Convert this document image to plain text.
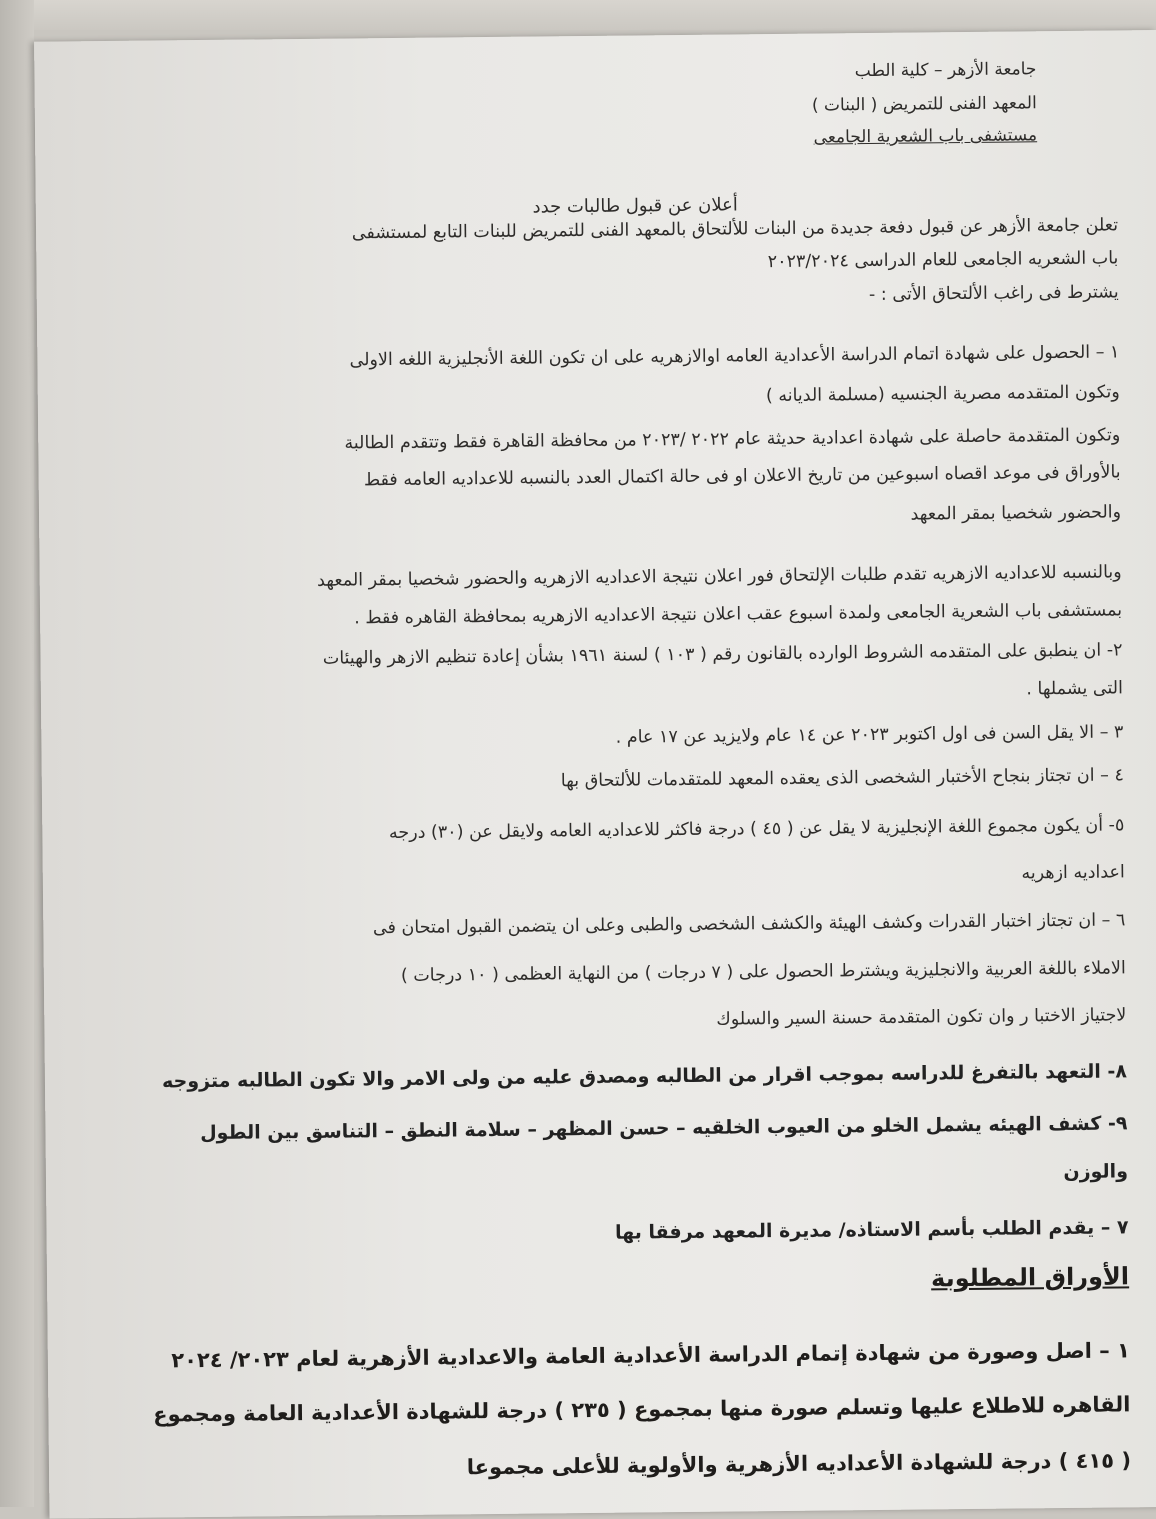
جامعة الأزهر – كلية الطب
المعهد الفنى للتمريض ( البنات )
مستشفى باب الشعرية الجامعى
أعلان عن قبول طالبات جدد
تعلن جامعة الأزهر عن قبول دفعة جديدة من البنات للألتحاق بالمعهد الفنى للتمريض للبنات التابع لمستشفى
باب الشعريه الجامعى للعام الدراسى ٢٠٢٣/٢٠٢٤
يشترط فى راغب الألتحاق الأتى : -
١ – الحصول على شهادة اتمام الدراسة الأعدادية العامه اوالازهريه على ان تكون اللغة الأنجليزية اللغه الاولى
وتكون المتقدمه مصرية الجنسيه (مسلمة الديانه )
وتكون المتقدمة حاصلة على شهادة اعدادية حديثة عام ٢٠٢٢ /٢٠٢٣ من محافظة القاهرة فقط وتتقدم الطالبة
بالأوراق فى موعد اقصاه اسبوعين من تاريخ الاعلان او فى حالة اكتمال العدد بالنسبه للاعداديه العامه فقط
والحضور شخصيا بمقر المعهد
وبالنسبه للاعداديه الازهريه تقدم طلبات الإلتحاق فور اعلان نتيجة الاعداديه الازهريه والحضور شخصيا بمقر المعهد
بمستشفى باب الشعرية الجامعى ولمدة اسبوع عقب اعلان نتيجة الاعداديه الازهريه بمحافظة القاهره فقط .
٢- ان ينطبق على المتقدمه الشروط الوارده بالقانون رقم ( ١٠٣ ) لسنة ١٩٦١ بشأن إعادة تنظيم الازهر والهيئات
التى يشملها .
٣ – الا يقل السن فى اول اكتوبر ٢٠٢٣ عن ١٤ عام ولايزيد عن ١٧ عام .
٤ – ان تجتاز بنجاح الأختبار الشخصى الذى يعقده المعهد للمتقدمات للألتحاق بها
٥- أن يكون مجموع اللغة الإنجليزية لا يقل عن ( ٤٥ ) درجة فاكثر للاعداديه العامه ولايقل عن (٣٠) درجه
اعداديه ازهريه
٦ – ان تجتاز اختبار القدرات وكشف الهيئة والكشف الشخصى والطبى وعلى ان يتضمن القبول امتحان فى
الاملاء باللغة العربية والانجليزية ويشترط الحصول على ( ٧ درجات ) من النهاية العظمى ( ١٠ درجات )
لاجتياز الاختبا ر وان تكون المتقدمة حسنة السير والسلوك
٨- التعهد بالتفرغ للدراسه بموجب اقرار من الطالبه ومصدق عليه من ولى الامر والا تكون الطالبه متزوجه
٩- كشف الهيئه يشمل الخلو من العيوب الخلقيه – حسن المظهر – سلامة النطق – التناسق بين الطول
والوزن
٧ – يقدم الطلب بأسم الاستاذه/ مديرة المعهد مرفقا بها
الأوراق المطلوبة
١ – اصل وصورة من شهادة إتمام الدراسة الأعدادية العامة والاعدادية الأزهرية لعام ٢٠٢٣/ ٢٠٢٤
القاهره للاطلاع عليها وتسلم صورة منها بمجموع ( ٢٣٥ ) درجة للشهادة الأعدادية العامة ومجموع
( ٤١٥ ) درجة للشهادة الأعداديه الأزهرية والأولوية للأعلى مجموعا
